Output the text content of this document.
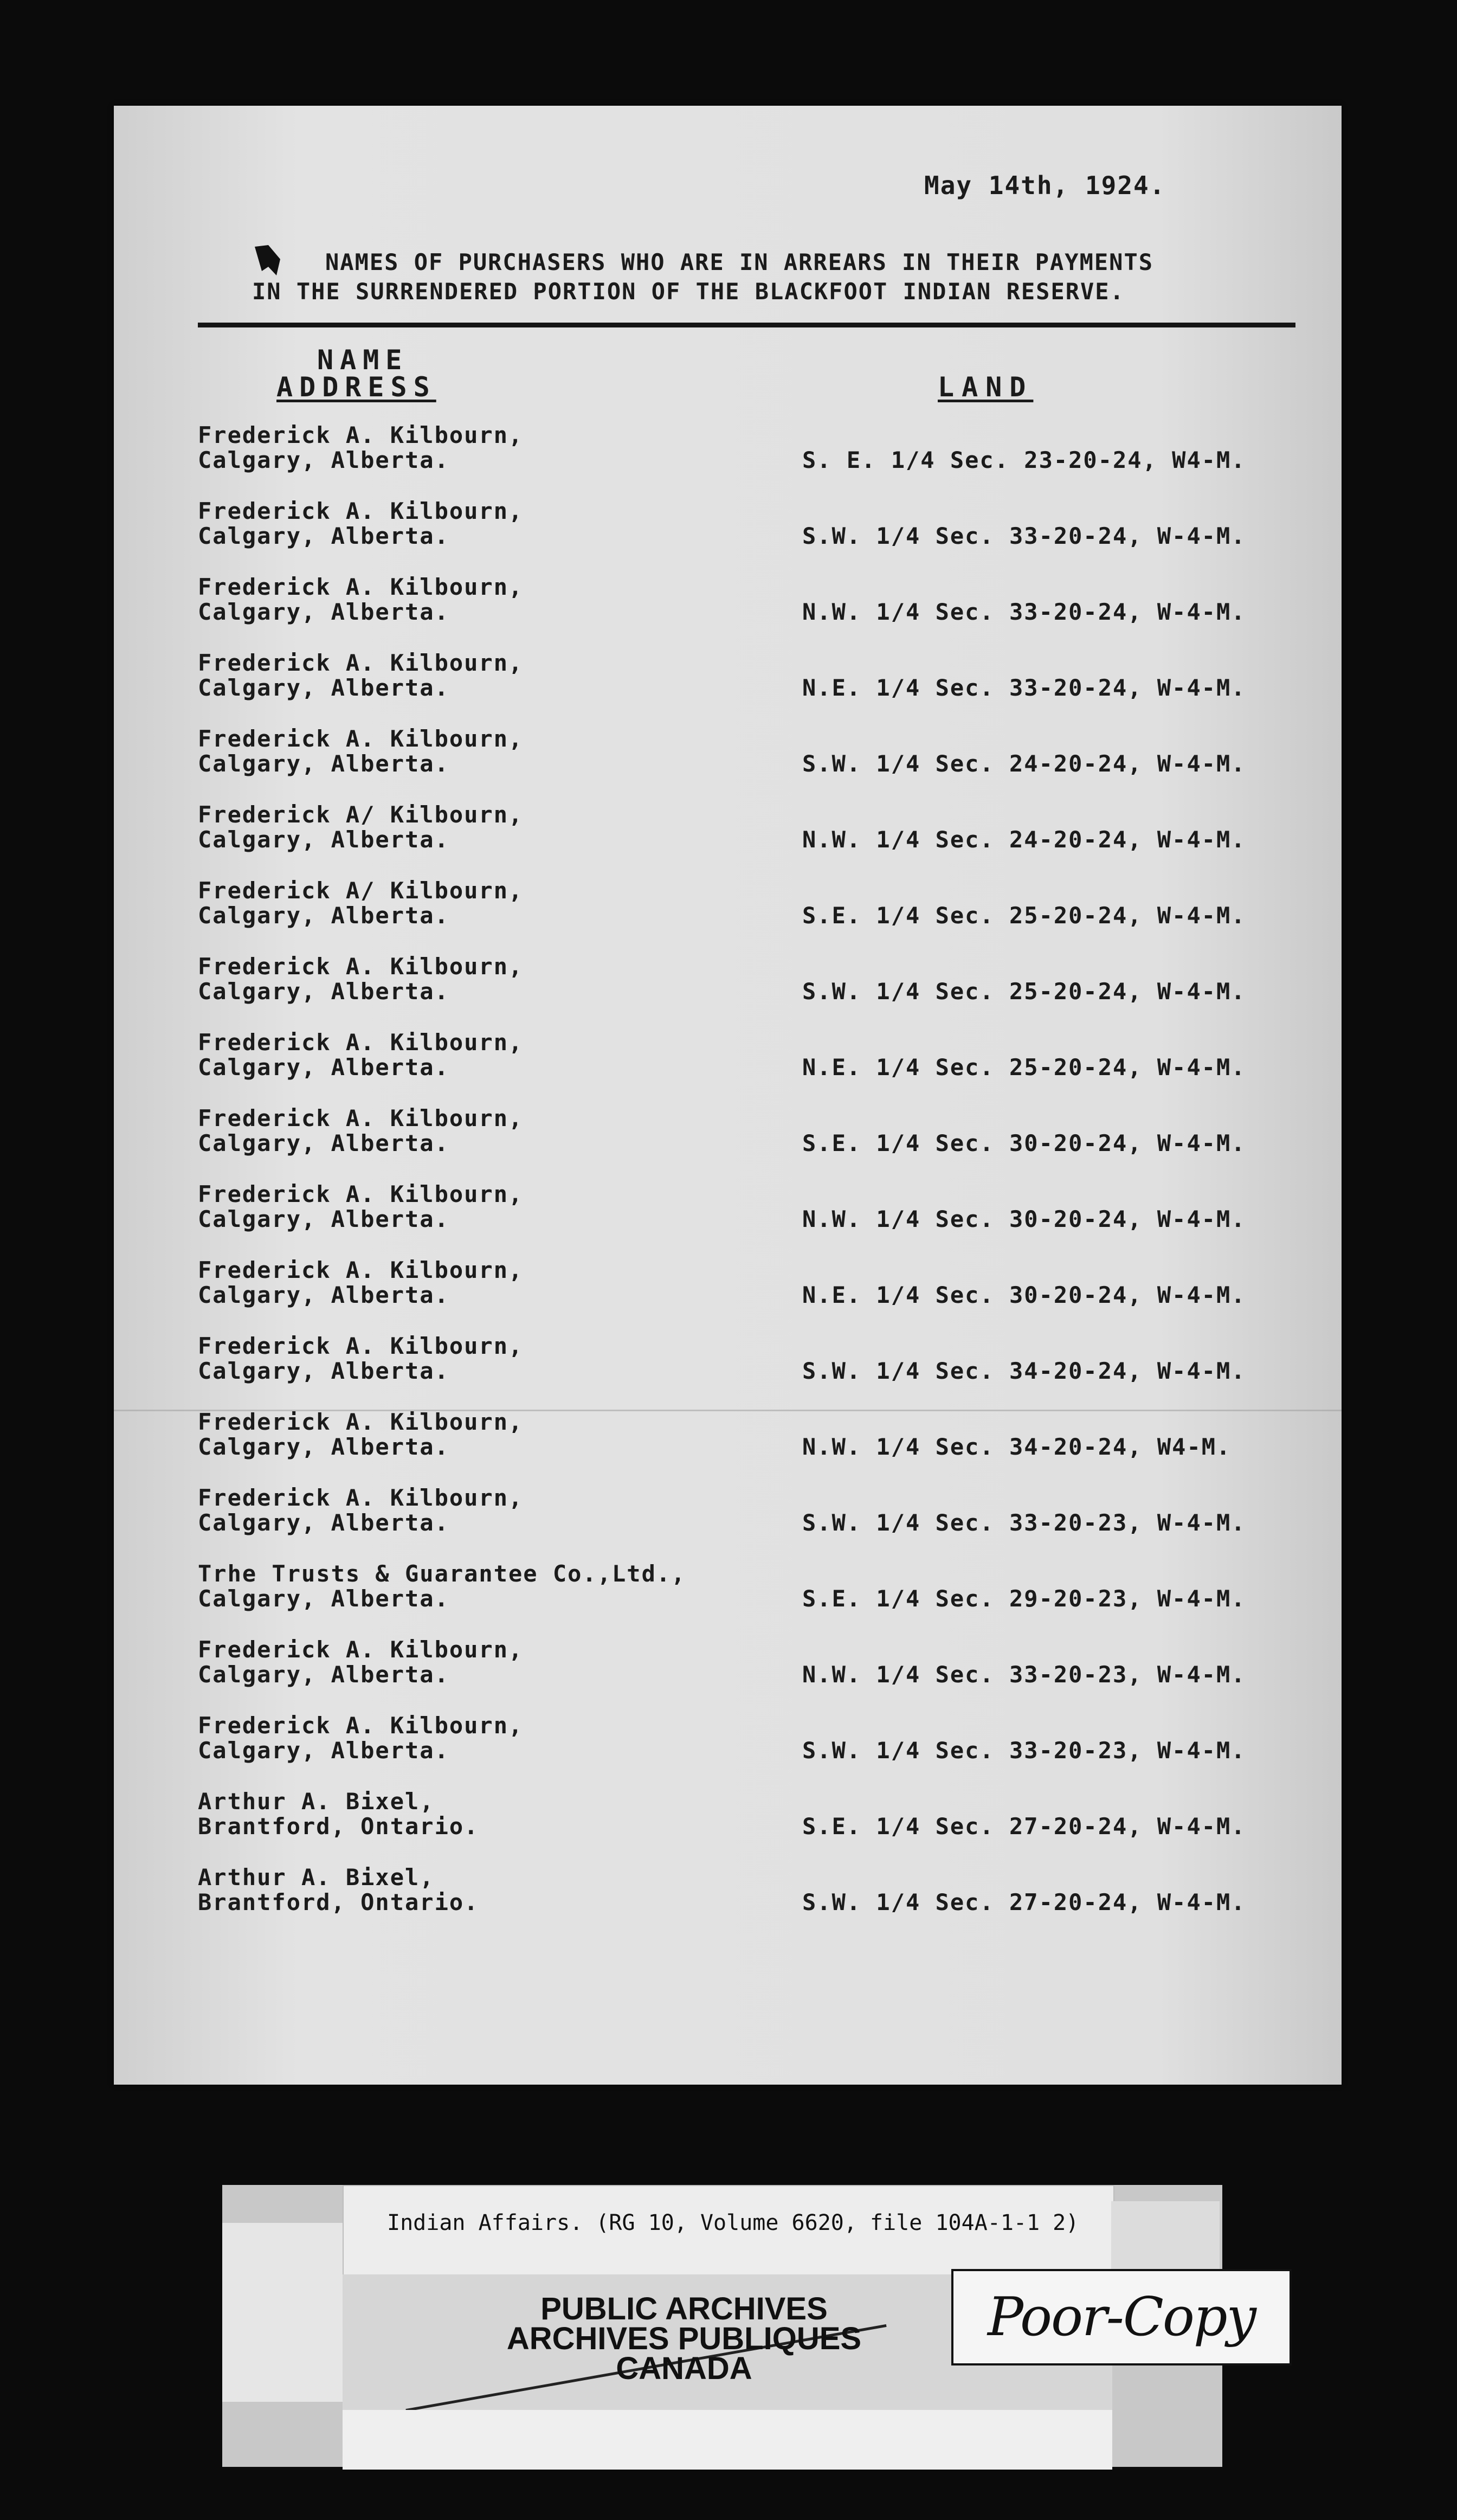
May 14th, 1924.
NAMES OF PURCHASERS WHO ARE IN ARREARS IN THEIR PAYMENTS
IN THE SURRENDERED PORTION OF THE BLACKFOOT INDIAN RESERVE.
NAME
ADDRESS	LAND
Frederick A. Kilbourn,
Calgary, Alberta.	S. E. 1/4 Sec. 23-20-24, W4-M.
Frederick A. Kilbourn,
Calgary, Alberta.	S.W. 1/4 Sec. 33-20-24, W-4-M.
Frederick A. Kilbourn,
Calgary, Alberta.	N.W. 1/4 Sec. 33-20-24, W-4-M.
Frederick A. Kilbourn,
Calgary, Alberta.	N.E. 1/4 Sec. 33-20-24, W-4-M.
Frederick A. Kilbourn,
Calgary, Alberta.	S.W. 1/4 Sec. 24-20-24, W-4-M.
Frederick A/ Kilbourn,
Calgary, Alberta.	N.W. 1/4 Sec. 24-20-24, W-4-M.
Frederick A/ Kilbourn,
Calgary, Alberta.	S.E. 1/4 Sec. 25-20-24, W-4-M.
Frederick A. Kilbourn,
Calgary, Alberta.	S.W. 1/4 Sec. 25-20-24, W-4-M.
Frederick A. Kilbourn,
Calgary, Alberta.	N.E. 1/4 Sec. 25-20-24, W-4-M.
Frederick A. Kilbourn,
Calgary, Alberta.	S.E. 1/4 Sec. 30-20-24, W-4-M.
Frederick A. Kilbourn,
Calgary, Alberta.	N.W. 1/4 Sec. 30-20-24, W-4-M.
Frederick A. Kilbourn,
Calgary, Alberta.	N.E. 1/4 Sec. 30-20-24, W-4-M.
Frederick A. Kilbourn,
Calgary, Alberta.	S.W. 1/4 Sec. 34-20-24, W-4-M.
Frederick A. Kilbourn,
Calgary, Alberta.	N.W. 1/4 Sec. 34-20-24, W4-M.
Frederick A. Kilbourn,
Calgary, Alberta.	S.W. 1/4 Sec. 33-20-23, W-4-M.
Trhe Trusts & Guarantee Co.,Ltd.,
Calgary, Alberta.	S.E. 1/4 Sec. 29-20-23, W-4-M.
Frederick A. Kilbourn,
Calgary, Alberta.	N.W. 1/4 Sec. 33-20-23, W-4-M.
Frederick A. Kilbourn,
Calgary, Alberta.	S.W. 1/4 Sec. 33-20-23, W-4-M.
Arthur A. Bixel,
Brantford, Ontario.	S.E. 1/4 Sec. 27-20-24, W-4-M.
Arthur A. Bixel,
Brantford, Ontario.	S.W. 1/4 Sec. 27-20-24, W-4-M.
Indian Affairs. (RG 10, Volume 6620, file 104A-1-1 2)
PUBLIC ARCHIVES
ARCHIVES PUBLIQUES
CANADA
Poor-Copy
